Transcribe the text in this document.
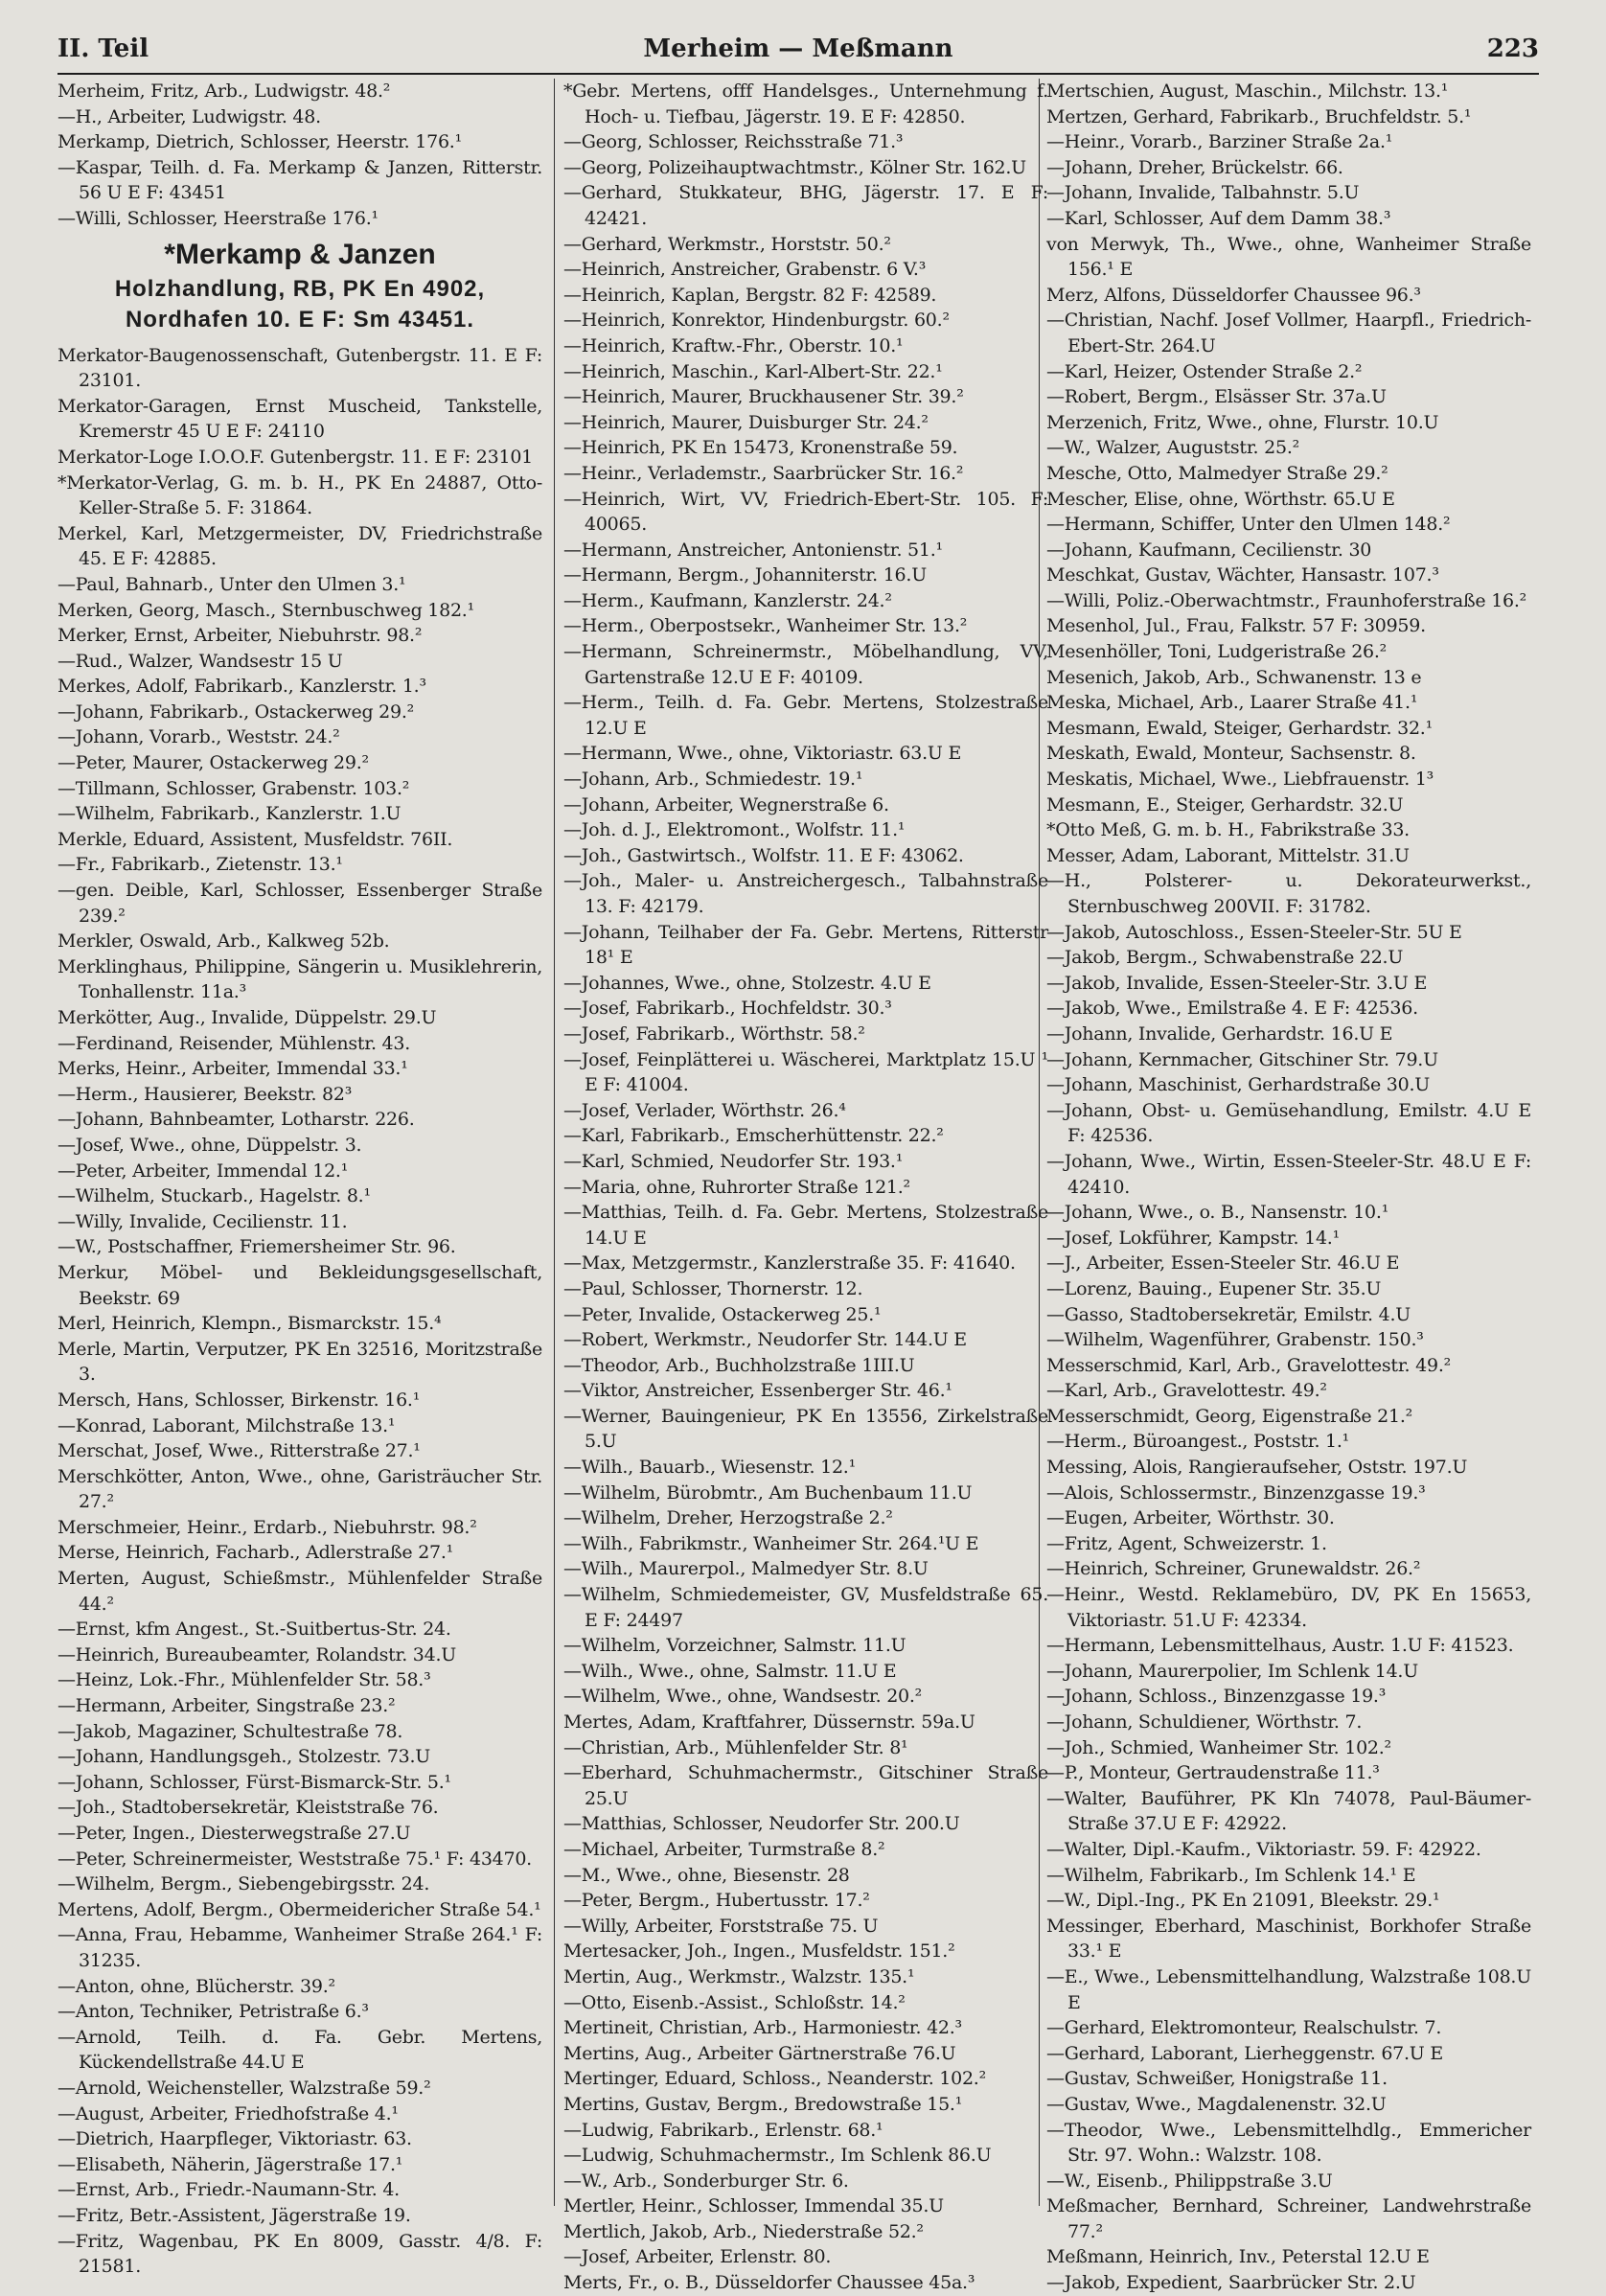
II. Teil	Merheim — Meßmann	223
Merheim, Fritz, Arb., Ludwigstr. 48.²
—H., Arbeiter, Ludwigstr. 48.
Merkamp, Dietrich, Schlosser, Heerstr. 176.¹
—Kaspar, Teilh. d. Fa. Merkamp & Janzen, Ritterstr. 56 U E F: 43451
—Willi, Schlosser, Heerstraße 176.¹
*Merkamp & Janzen
Holzhandlung, RB, PK En 4902,
Nordhafen 10. E F: Sm 43451.
Merkator-Baugenossenschaft, Gutenbergstr. 11. E F: 23101.
Merkator-Garagen, Ernst Muscheid, Tankstelle, Kremerstr 45 U E F: 24110
Merkator-Loge I.O.O.F. Gutenbergstr. 11. E F: 23101
*Merkator-Verlag, G. m. b. H., PK En 24887, Otto-Keller-Straße 5. F: 31864.
Merkel, Karl, Metzgermeister, DV, Friedrichstraße 45. E F: 42885.
—Paul, Bahnarb., Unter den Ulmen 3.¹
Merken, Georg, Masch., Sternbuschweg 182.¹
Merker, Ernst, Arbeiter, Niebuhrstr. 98.²
—Rud., Walzer, Wandsestr 15 U
Merkes, Adolf, Fabrikarb., Kanzlerstr. 1.³
—Johann, Fabrikarb., Ostackerweg 29.²
—Johann, Vorarb., Weststr. 24.²
—Peter, Maurer, Ostackerweg 29.²
—Tillmann, Schlosser, Grabenstr. 103.²
—Wilhelm, Fabrikarb., Kanzlerstr. 1.U
Merkle, Eduard, Assistent, Musfeldstr. 76II.
—Fr., Fabrikarb., Zietenstr. 13.¹
—gen. Deible, Karl, Schlosser, Essenberger Straße 239.²
Merkler, Oswald, Arb., Kalkweg 52b.
Merklinghaus, Philippine, Sängerin u. Musiklehrerin, Tonhallenstr. 11a.³
Merkötter, Aug., Invalide, Düppelstr. 29.U
—Ferdinand, Reisender, Mühlenstr. 43.
Merks, Heinr., Arbeiter, Immendal 33.¹
—Herm., Hausierer, Beekstr. 82³
—Johann, Bahnbeamter, Lotharstr. 226.
—Josef, Wwe., ohne, Düppelstr. 3.
—Peter, Arbeiter, Immendal 12.¹
—Wilhelm, Stuckarb., Hagelstr. 8.¹
—Willy, Invalide, Cecilienstr. 11.
—W., Postschaffner, Friemersheimer Str. 96.
Merkur, Möbel- und Bekleidungsgesellschaft, Beekstr. 69
Merl, Heinrich, Klempn., Bismarckstr. 15.⁴
Merle, Martin, Verputzer, PK En 32516, Moritzstraße 3.
Mersch, Hans, Schlosser, Birkenstr. 16.¹
—Konrad, Laborant, Milchstraße 13.¹
Merschat, Josef, Wwe., Ritterstraße 27.¹
Merschkötter, Anton, Wwe., ohne, Garisträucher Str. 27.²
Merschmeier, Heinr., Erdarb., Niebuhrstr. 98.²
Merse, Heinrich, Facharb., Adlerstraße 27.¹
Merten, August, Schießmstr., Mühlenfelder Straße 44.²
—Ernst, kfm Angest., St.-Suitbertus-Str. 24.
—Heinrich, Bureaubeamter, Rolandstr. 34.U
—Heinz, Lok.-Fhr., Mühlenfelder Str. 58.³
—Hermann, Arbeiter, Singstraße 23.²
—Jakob, Magaziner, Schultestraße 78.
—Johann, Handlungsgeh., Stolzestr. 73.U
—Johann, Schlosser, Fürst-Bismarck-Str. 5.¹
—Joh., Stadtobersekretär, Kleiststraße 76.
—Peter, Ingen., Diesterwegstraße 27.U
—Peter, Schreinermeister, Weststraße 75.¹ F: 43470.
—Wilhelm, Bergm., Siebengebirgsstr. 24.
Mertens, Adolf, Bergm., Obermeidericher Straße 54.¹
—Anna, Frau, Hebamme, Wanheimer Straße 264.¹ F: 31235.
—Anton, ohne, Blücherstr. 39.²
—Anton, Techniker, Petristraße 6.³
—Arnold, Teilh. d. Fa. Gebr. Mertens, Kückendellstraße 44.U E
—Arnold, Weichensteller, Walzstraße 59.²
—August, Arbeiter, Friedhofstraße 4.¹
—Dietrich, Haarpfleger, Viktoriastr. 63.
—Elisabeth, Näherin, Jägerstraße 17.¹
—Ernst, Arb., Friedr.-Naumann-Str. 4.
—Fritz, Betr.-Assistent, Jägerstraße 19.
—Fritz, Wagenbau, PK En 8009, Gasstr. 4/8. F: 21581.
*Gebr. Mertens, offf Handelsges., Unternehmung f. Hoch- u. Tiefbau, Jägerstr. 19. E F: 42850.
—Georg, Schlosser, Reichsstraße 71.³
—Georg, Polizeihauptwachtmstr., Kölner Str. 162.U
—Gerhard, Stukkateur, BHG, Jägerstr. 17. E F: 42421.
—Gerhard, Werkmstr., Horststr. 50.²
—Heinrich, Anstreicher, Grabenstr. 6 V.³
—Heinrich, Kaplan, Bergstr. 82 F: 42589.
—Heinrich, Konrektor, Hindenburgstr. 60.²
—Heinrich, Kraftw.-Fhr., Oberstr. 10.¹
—Heinrich, Maschin., Karl-Albert-Str. 22.¹
—Heinrich, Maurer, Bruckhausener Str. 39.²
—Heinrich, Maurer, Duisburger Str. 24.²
—Heinrich, PK En 15473, Kronenstraße 59.
—Heinr., Verlademstr., Saarbrücker Str. 16.²
—Heinrich, Wirt, VV, Friedrich-Ebert-Str. 105. F: 40065.
—Hermann, Anstreicher, Antonienstr. 51.¹
—Hermann, Bergm., Johanniterstr. 16.U
—Herm., Kaufmann, Kanzlerstr. 24.²
—Herm., Oberpostsekr., Wanheimer Str. 13.²
—Hermann, Schreinermstr., Möbelhandlung, VV, Gartenstraße 12.U E F: 40109.
—Herm., Teilh. d. Fa. Gebr. Mertens, Stolzestraße 12.U E
—Hermann, Wwe., ohne, Viktoriastr. 63.U E
—Johann, Arb., Schmiedestr. 19.¹
—Johann, Arbeiter, Wegnerstraße 6.
—Joh. d. J., Elektromont., Wolfstr. 11.¹
—Joh., Gastwirtsch., Wolfstr. 11. E F: 43062.
—Joh., Maler- u. Anstreichergesch., Talbahnstraße 13. F: 42179.
—Johann, Teilhaber der Fa. Gebr. Mertens, Ritterstr 18¹ E
—Johannes, Wwe., ohne, Stolzestr. 4.U E
—Josef, Fabrikarb., Hochfeldstr. 30.³
—Josef, Fabrikarb., Wörthstr. 58.²
—Josef, Feinplätterei u. Wäscherei, Marktplatz 15.U ¹ E F: 41004.
—Josef, Verlader, Wörthstr. 26.⁴
—Karl, Fabrikarb., Emscherhüttenstr. 22.²
—Karl, Schmied, Neudorfer Str. 193.¹
—Maria, ohne, Ruhrorter Straße 121.²
—Matthias, Teilh. d. Fa. Gebr. Mertens, Stolzestraße 14.U E
—Max, Metzgermstr., Kanzlerstraße 35. F: 41640.
—Paul, Schlosser, Thornerstr. 12.
—Peter, Invalide, Ostackerweg 25.¹
—Robert, Werkmstr., Neudorfer Str. 144.U E
—Theodor, Arb., Buchholzstraße 1III.U
—Viktor, Anstreicher, Essenberger Str. 46.¹
—Werner, Bauingenieur, PK En 13556, Zirkelstraße 5.U
—Wilh., Bauarb., Wiesenstr. 12.¹
—Wilhelm, Bürobmtr., Am Buchenbaum 11.U
—Wilhelm, Dreher, Herzogstraße 2.²
—Wilh., Fabrikmstr., Wanheimer Str. 264.¹U E
—Wilh., Maurerpol., Malmedyer Str. 8.U
—Wilhelm, Schmiedemeister, GV, Musfeldstraße 65. E F: 24497
—Wilhelm, Vorzeichner, Salmstr. 11.U
—Wilh., Wwe., ohne, Salmstr. 11.U E
—Wilhelm, Wwe., ohne, Wandsestr. 20.²
Mertes, Adam, Kraftfahrer, Düssernstr. 59a.U
—Christian, Arb., Mühlenfelder Str. 8¹
—Eberhard, Schuhmachermstr., Gitschiner Straße 25.U
—Matthias, Schlosser, Neudorfer Str. 200.U
—Michael, Arbeiter, Turmstraße 8.²
—M., Wwe., ohne, Biesenstr. 28
—Peter, Bergm., Hubertusstr. 17.²
—Willy, Arbeiter, Forststraße 75. U
Mertesacker, Joh., Ingen., Musfeldstr. 151.²
Mertin, Aug., Werkmstr., Walzstr. 135.¹
—Otto, Eisenb.-Assist., Schloßstr. 14.²
Mertineit, Christian, Arb., Harmoniestr. 42.³
Mertins, Aug., Arbeiter Gärtnerstraße 76.U
Mertinger, Eduard, Schloss., Neanderstr. 102.²
Mertins, Gustav, Bergm., Bredowstraße 15.¹
—Ludwig, Fabrikarb., Erlenstr. 68.¹
—Ludwig, Schuhmachermstr., Im Schlenk 86.U
—W., Arb., Sonderburger Str. 6.
Mertler, Heinr., Schlosser, Immendal 35.U
Mertlich, Jakob, Arb., Niederstraße 52.²
—Josef, Arbeiter, Erlenstr. 80.
Merts, Fr., o. B., Düsseldorfer Chaussee 45a.³
Mertschien, August, Maschin., Milchstr. 13.¹
Mertzen, Gerhard, Fabrikarb., Bruchfeldstr. 5.¹
—Heinr., Vorarb., Barziner Straße 2a.¹
—Johann, Dreher, Brückelstr. 66.
—Johann, Invalide, Talbahnstr. 5.U
—Karl, Schlosser, Auf dem Damm 38.³
von Merwyk, Th., Wwe., ohne, Wanheimer Straße 156.¹ E
Merz, Alfons, Düsseldorfer Chaussee 96.³
—Christian, Nachf. Josef Vollmer, Haarpfl., Friedrich-Ebert-Str. 264.U
—Karl, Heizer, Ostender Straße 2.²
—Robert, Bergm., Elsässer Str. 37a.U
Merzenich, Fritz, Wwe., ohne, Flurstr. 10.U
—W., Walzer, Auguststr. 25.²
Mesche, Otto, Malmedyer Straße 29.²
Mescher, Elise, ohne, Wörthstr. 65.U E
—Hermann, Schiffer, Unter den Ulmen 148.²
—Johann, Kaufmann, Cecilienstr. 30
Meschkat, Gustav, Wächter, Hansastr. 107.³
—Willi, Poliz.-Oberwachtmstr., Fraunhoferstraße 16.²
Mesenhol, Jul., Frau, Falkstr. 57 F: 30959.
Mesenhöller, Toni, Ludgeristraße 26.²
Mesenich, Jakob, Arb., Schwanenstr. 13 e
Meska, Michael, Arb., Laarer Straße 41.¹
Mesmann, Ewald, Steiger, Gerhardstr. 32.¹
Meskath, Ewald, Monteur, Sachsenstr. 8.
Meskatis, Michael, Wwe., Liebfrauenstr. 1³
Mesmann, E., Steiger, Gerhardstr. 32.U
*Otto Meß, G. m. b. H., Fabrikstraße 33.
Messer, Adam, Laborant, Mittelstr. 31.U
—H., Polsterer- u. Dekorateurwerkst., Sternbuschweg 200VII. F: 31782.
—Jakob, Autoschloss., Essen-Steeler-Str. 5U E
—Jakob, Bergm., Schwabenstraße 22.U
—Jakob, Invalide, Essen-Steeler-Str. 3.U E
—Jakob, Wwe., Emilstraße 4. E F: 42536.
—Johann, Invalide, Gerhardstr. 16.U E
—Johann, Kernmacher, Gitschiner Str. 79.U
—Johann, Maschinist, Gerhardstraße 30.U
—Johann, Obst- u. Gemüsehandlung, Emilstr. 4.U E F: 42536.
—Johann, Wwe., Wirtin, Essen-Steeler-Str. 48.U E F: 42410.
—Johann, Wwe., o. B., Nansenstr. 10.¹
—Josef, Lokführer, Kampstr. 14.¹
—J., Arbeiter, Essen-Steeler Str. 46.U E
—Lorenz, Bauing., Eupener Str. 35.U
—Gasso, Stadtobersekretär, Emilstr. 4.U
—Wilhelm, Wagenführer, Grabenstr. 150.³
Messerschmid, Karl, Arb., Gravelottestr. 49.²
—Karl, Arb., Gravelottestr. 49.²
Messerschmidt, Georg, Eigenstraße 21.²
—Herm., Büroangest., Poststr. 1.¹
Messing, Alois, Rangieraufseher, Oststr. 197.U
—Alois, Schlossermstr., Binzenzgasse 19.³
—Eugen, Arbeiter, Wörthstr. 30.
—Fritz, Agent, Schweizerstr. 1.
—Heinrich, Schreiner, Grunewaldstr. 26.²
—Heinr., Westd. Reklamebüro, DV, PK En 15653, Viktoriastr. 51.U F: 42334.
—Hermann, Lebensmittelhaus, Austr. 1.U F: 41523.
—Johann, Maurerpolier, Im Schlenk 14.U
—Johann, Schloss., Binzenzgasse 19.³
—Johann, Schuldiener, Wörthstr. 7.
—Joh., Schmied, Wanheimer Str. 102.²
—P., Monteur, Gertraudenstraße 11.³
—Walter, Bauführer, PK Kln 74078, Paul-Bäumer-Straße 37.U E F: 42922.
—Walter, Dipl.-Kaufm., Viktoriastr. 59. F: 42922.
—Wilhelm, Fabrikarb., Im Schlenk 14.¹ E
—W., Dipl.-Ing., PK En 21091, Bleekstr. 29.¹
Messinger, Eberhard, Maschinist, Borkhofer Straße 33.¹ E
—E., Wwe., Lebensmittelhandlung, Walzstraße 108.U E
—Gerhard, Elektromonteur, Realschulstr. 7.
—Gerhard, Laborant, Lierheggenstr. 67.U E
—Gustav, Schweißer, Honigstraße 11.
—Gustav, Wwe., Magdalenenstr. 32.U
—Theodor, Wwe., Lebensmittelhdlg., Emmericher Str. 97. Wohn.: Walzstr. 108.
—W., Eisenb., Philippstraße 3.U
Meßmacher, Bernhard, Schreiner, Landwehrstraße 77.²
Meßmann, Heinrich, Inv., Peterstal 12.U E
—Jakob, Expedient, Saarbrücker Str. 2.U
